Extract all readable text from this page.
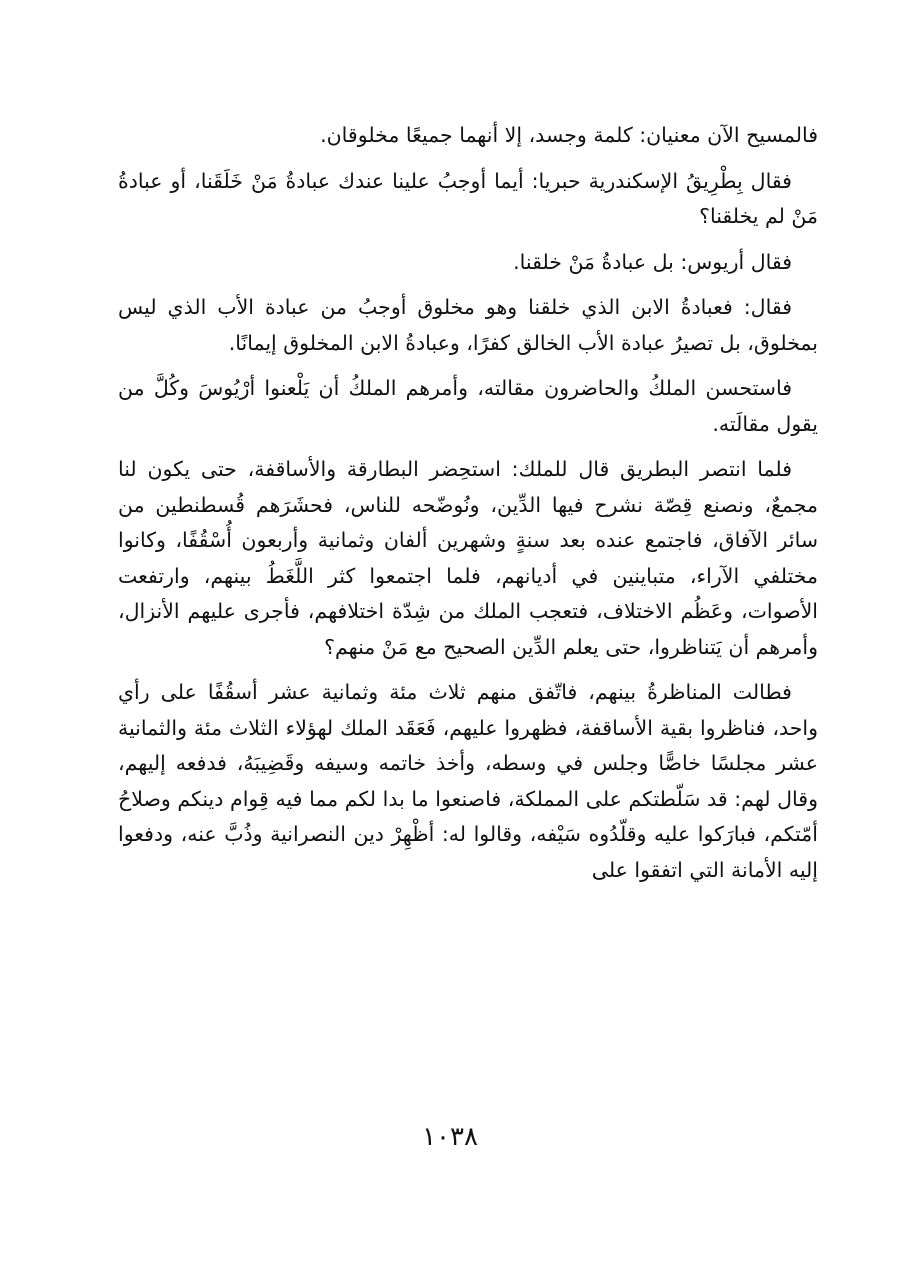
فالمسيح الآن معنيان: كلمة وجسد، إلا أنهما جميعًا مخلوقان.

فقال بِطْرِيقُ الإسكندرية حبريا: أيما أوجبُ علينا عندك عبادةُ مَنْ خَلَقَنا، أو عبادةُ مَنْ لم يخلقنا؟

فقال أريوس: بل عبادةُ مَنْ خلقنا.

فقال: فعبادةُ الابن الذي خلقنا وهو مخلوق أوجبُ من عبادة الأب الذي ليس بمخلوق، بل تصيرُ عبادة الأب الخالق كفرًا، وعبادةُ الابن المخلوق إيمانًا.

فاستحسن الملكُ والحاضرون مقالته، وأمرهم الملكُ أن يَلْعنوا أرْيُوسَ وكُلَّ من يقول مقالَته.

فلما انتصر البطريق قال للملك: استحِضر البطارقة والأساقفة، حتى يكون لنا مجمعٌ، ونصنع قِصّة نشرح فيها الدِّين، ونُوضّحه للناس، فحشَرَهم قُسطنطين من سائر الآفاق، فاجتمع عنده بعد سنةٍ وشهرين ألفان وثمانية وأربعون أُسْقُفًا، وكانوا مختلفي الآراء، متباينين في أديانهم، فلما اجتمعوا كثر اللَّغَطُ بينهم، وارتفعت الأصوات، وعَظُم الاختلاف، فتعجب الملك من شِدّة اختلافهم، فأجرى عليهم الأنزال، وأمرهم أن يَتناظروا، حتى يعلم الدِّين الصحيح مع مَنْ منهم؟

فطالت المناظرةُ بينهم، فاتّفق منهم ثلاث مئة وثمانية عشر أسقُفًا على رأي واحد، فناظروا بقية الأساقفة، فظهروا عليهم، فَعَقَد الملك لهؤلاء الثلاث مئة والثمانية عشر مجلسًا خاصًّا وجلس في وسطه، وأخذ خاتمه وسيفه وقَضِيبَهُ، فدفعه إليهم، وقال لهم: قد سَلّطتكم على المملكة، فاصنعوا ما بدا لكم مما فيه قِوام دينكم وصلاحُ أمّتكم، فبارَكوا عليه وقلّدُوه سَيْفه، وقالوا له: أظْهِرْ دين النصرانية وذُبَّ عنه، ودفعوا إليه الأمانة التي اتفقوا على

١٠٣٨
